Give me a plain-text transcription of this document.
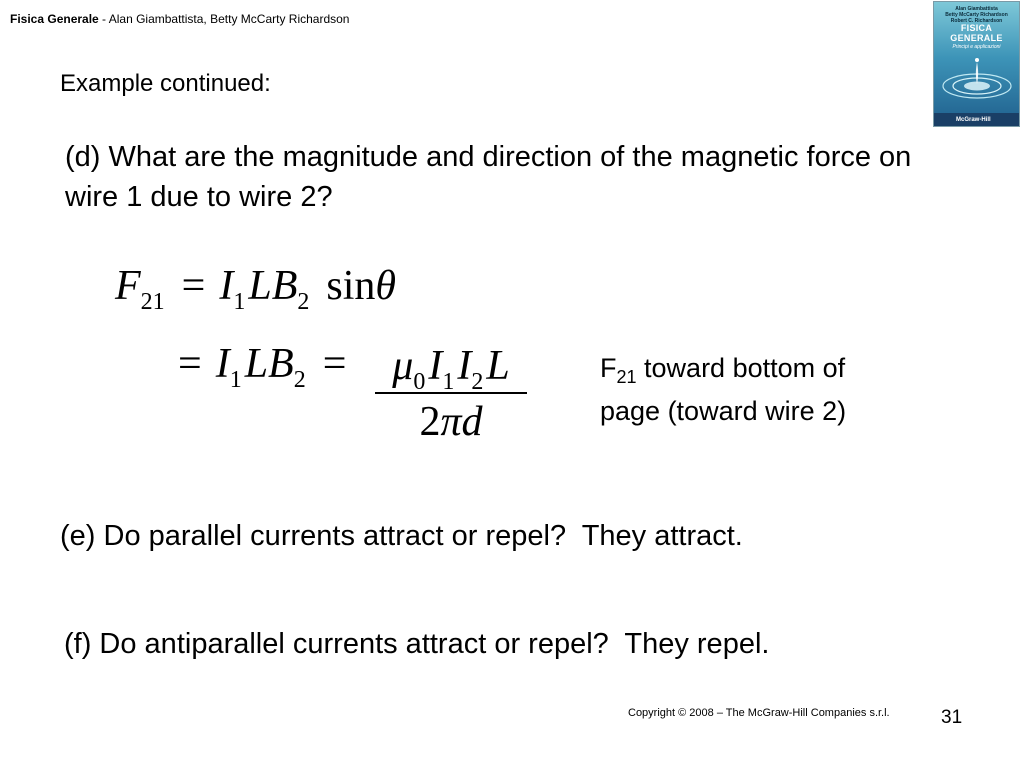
Fisica Generale - Alan Giambattista, Betty McCarty Richardson
Alan Giambattista
Betty McCarty Richardson
Robert C. Richardson
FISICA
GENERALE
Principi e applicazioni
McGraw-Hill
Example continued:
(d) What are the magnitude and direction of the magnetic force on wire 1 due to wire 2?
$F_{21} = I_1LB_2$ sinθ
= $I_1LB_2$ =	$\mu_0I_1I_2L$
2πd
$F_{21}$ toward bottom of
page (toward wire 2)
(e) Do parallel currents attract or repel?  They attract.
(f) Do antiparallel currents attract or repel?  They repel.
Copyright © 2008 – The McGraw-Hill Companies s.r.l.	31
